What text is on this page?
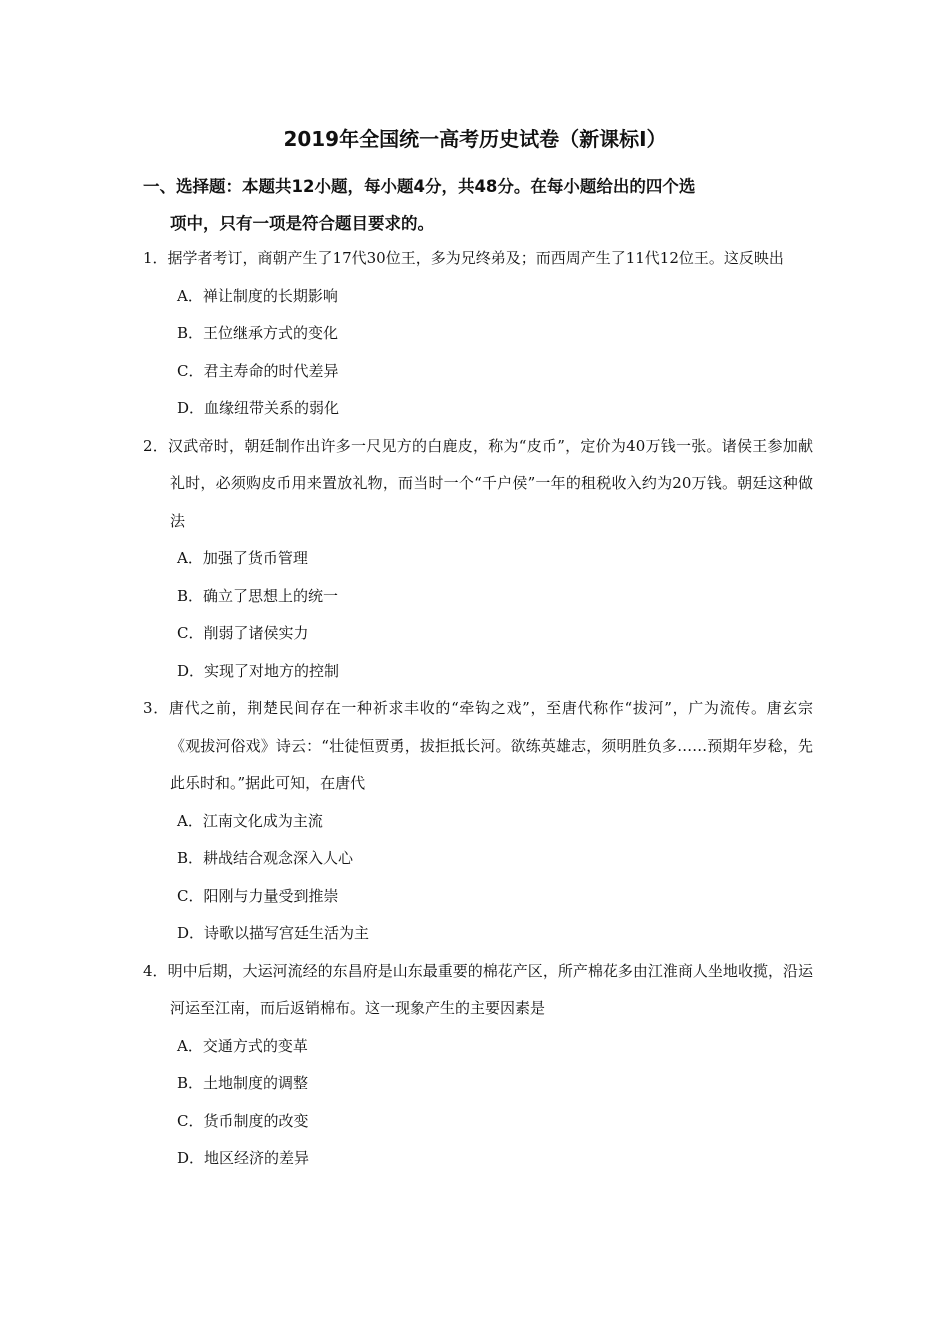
2019年全国统一高考历史试卷（新课标Ⅰ）
一、选择题：本题共12小题，每小题4分，共48分。在每小题给出的四个选
项中，只有一项是符合题目要求的。
1．据学者考订，商朝产生了17代30位王，多为兄终弟及；而西周产生了11代12位王。这反映出
A．禅让制度的长期影响
B．王位继承方式的变化
C．君主寿命的时代差异
D．血缘纽带关系的弱化
2．汉武帝时，朝廷制作出许多一尺见方的白鹿皮，称为“皮币”，定价为40万钱一张。诸侯王参加献礼时，必须购皮币用来置放礼物，而当时一个“千户侯”一年的租税收入约为20万钱。朝廷这种做法
A．加强了货币管理
B．确立了思想上的统一
C．削弱了诸侯实力
D．实现了对地方的控制
3．唐代之前，荆楚民间存在一种祈求丰收的“牵钩之戏”，至唐代称作“拔河”，广为流传。唐玄宗《观拔河俗戏》诗云：“壮徒恒贾勇，拔拒抵长河。欲练英雄志，须明胜负多……预期年岁稔，先此乐时和。”据此可知，在唐代
A．江南文化成为主流
B．耕战结合观念深入人心
C．阳刚与力量受到推崇
D．诗歌以描写宫廷生活为主
4．明中后期，大运河流经的东昌府是山东最重要的棉花产区，所产棉花多由江淮商人坐地收揽，沿运河运至江南，而后返销棉布。这一现象产生的主要因素是
A．交通方式的变革
B．土地制度的调整
C．货币制度的改变
D．地区经济的差异
